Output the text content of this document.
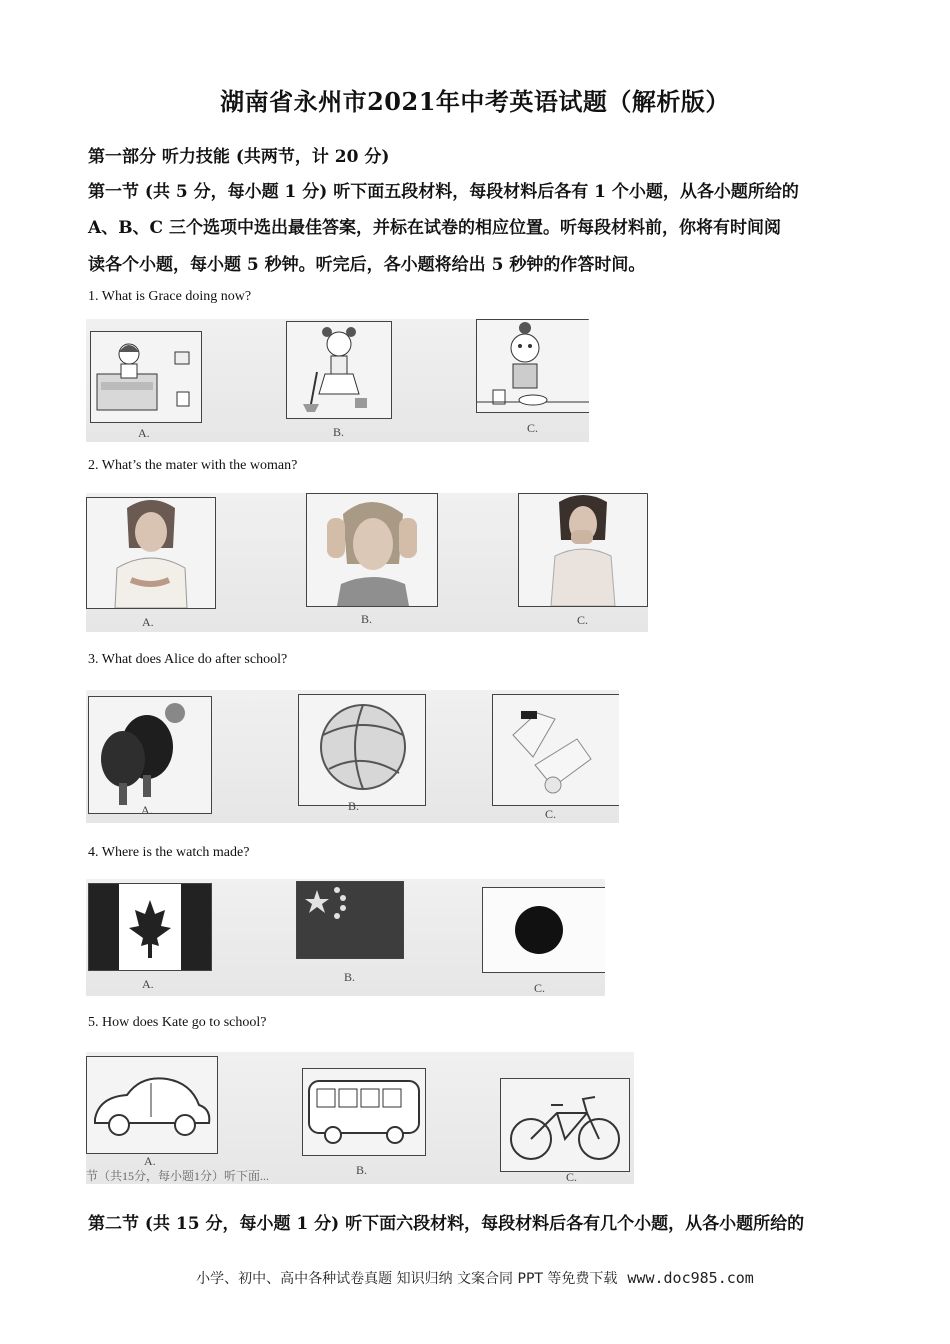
湖南省永州市2021年中考英语试题（解析版）
第一部分 听力技能 (共两节，计 20 分)
第一节 (共 5 分，每小题 1 分) 听下面五段材料，每段材料后各有 1 个小题，从各小题所给的
A、B、C 三个选项中选出最佳答案，并标在试卷的相应位置。听每段材料前，你将有时间阅
读各个小题，每小题 5 秒钟。听完后，各小题将给出 5 秒钟的作答时间。
1. What is Grace doing now?
A.	B.	C.
2. What’s the mater with the woman?
A.	B.	C.
3. What does Alice do after school?
A.	B.
C.
4. Where is the watch made?
A.	B.
C.
5. How does Kate go to school?
A.
B.	C.
节（共15分，每小题1分）听下面...
第二节 (共 15 分，每小题 1 分) 听下面六段材料，每段材料后各有几个小题，从各小题所给的
小学、初中、高中各种试卷真题 知识归纳 文案合同 PPT 等免费下载 www.doc985.com
